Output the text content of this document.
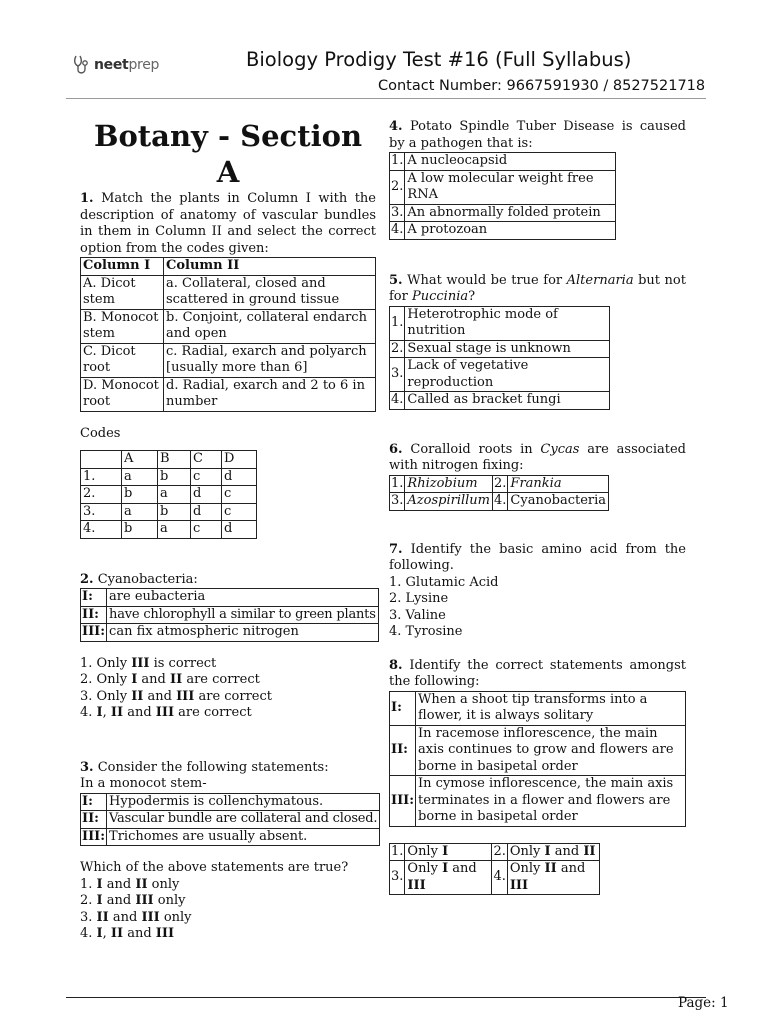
neetprep	Biology Prodigy Test #16 (Full Syllabus)
Contact Number: 9667591930 / 8527521718
Botany - Section A

1. Match the plants in Column I with the description of anatomy of vascular bundles in them in Column II and select the correct option from the codes given:

Column I	Column II
A. Dicot stem	a. Collateral, closed and scattered in ground tissue
B. Monocot stem	b. Conjoint, collateral endarch and open
C. Dicot root	c. Radial, exarch and polyarch [usually more than 6]
D. Monocot root	d. Radial, exarch and 2 to 6 in number

Codes

	A	B	C	D
1.	a	b	c	d
2.	b	a	d	c
3.	a	b	d	c
4.	b	a	c	d

2. Cyanobacteria:

I:	are eubacteria
II:	have chlorophyll a similar to green plants
III:	can fix atmospheric nitrogen
1. Only III is correct
2. Only I and II are correct
3. Only II and III are correct
4. I, II and III are correct

3. Consider the following statements:

In a monocot stem-

I:	Hypodermis is collenchymatous.
II:	Vascular bundle are collateral and closed.
III:	Trichomes are usually absent.

Which of the above statements are true?

1. I and II only
2. I and III only
3. II and III only
4. I, II and III

4. Potato Spindle Tuber Disease is caused by a pathogen that is:

1.	A nucleocapsid
2.	A low molecular weight free RNA
3.	An abnormally folded protein
4.	A protozoan

5. What would be true for Alternaria but not for Puccinia?

1.	Heterotrophic mode of nutrition
2.	Sexual stage is unknown
3.	Lack of vegetative reproduction
4.	Called as bracket fungi

6. Coralloid roots in Cycas are associated with nitrogen fixing:

1.	Rhizobium	2.	Frankia
3.	Azospirillum	4.	Cyanobacteria

7. Identify the basic amino acid from the following.

1. Glutamic Acid
2. Lysine
3. Valine
4. Tyrosine

8. Identify the correct statements amongst the following:

I:	When a shoot tip transforms into a flower, it is always solitary
II:	In racemose inflorescence, the main axis continues to grow and flowers are borne in basipetal order
III:	In cymose inflorescence, the main axis terminates in a flower and flowers are borne in basipetal order
1.	Only I	2.	Only I and II
3.	Only I and III	4.	Only II and III
Page: 1
